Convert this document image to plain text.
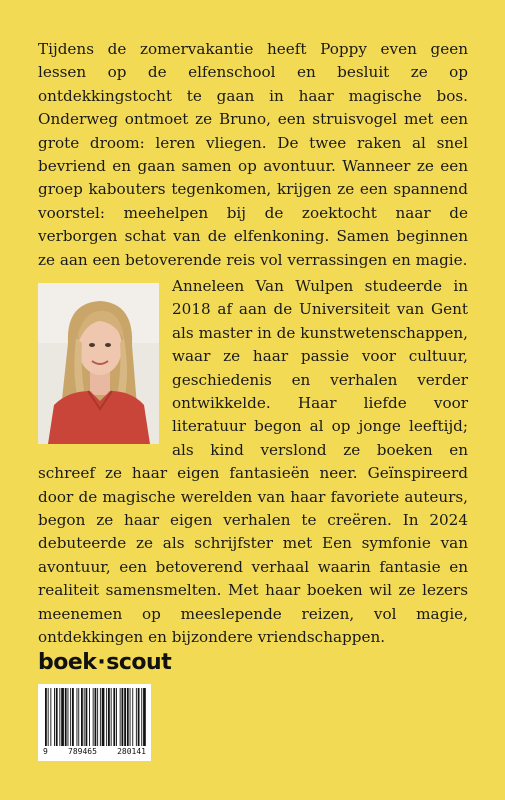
Tijdens de zomervakantie heeft Poppy even geen lessen op de elfenschool en besluit ze op ontdekkingstocht te gaan in haar magische bos. Onderweg ontmoet ze Bruno, een struisvogel met een grote droom: leren vliegen. De twee raken al snel bevriend en gaan samen op avontuur. Wanneer ze een groep kabouters tegenkomen, krijgen ze een spannend voorstel: meehelpen bij de zoektocht naar de verborgen schat van de elfenkoning. Samen beginnen ze aan een betoverende reis vol verrassingen en magie.

Anneleen Van Wulpen studeerde in 2018 af aan de Universiteit van Gent als master in de kunstwetenschappen, waar ze haar passie voor cultuur, geschiedenis en verhalen verder ontwikkelde. Haar liefde voor literatuur begon al op jonge leeftijd; als kind verslond ze boeken en schreef ze haar eigen fantasieën neer. Geïnspireerd door de magische werelden van haar favoriete auteurs, begon ze haar eigen verhalen te creëren. In 2024 debuteerde ze als schrijfster met Een symfonie van avontuur, een betoverend verhaal waarin fantasie en realiteit samensmelten. Met haar boeken wil ze lezers meenemen op meeslepende reizen, vol magie, ontdekkingen en bijzondere vriendschappen.

boek·scout
9	789465	280141
